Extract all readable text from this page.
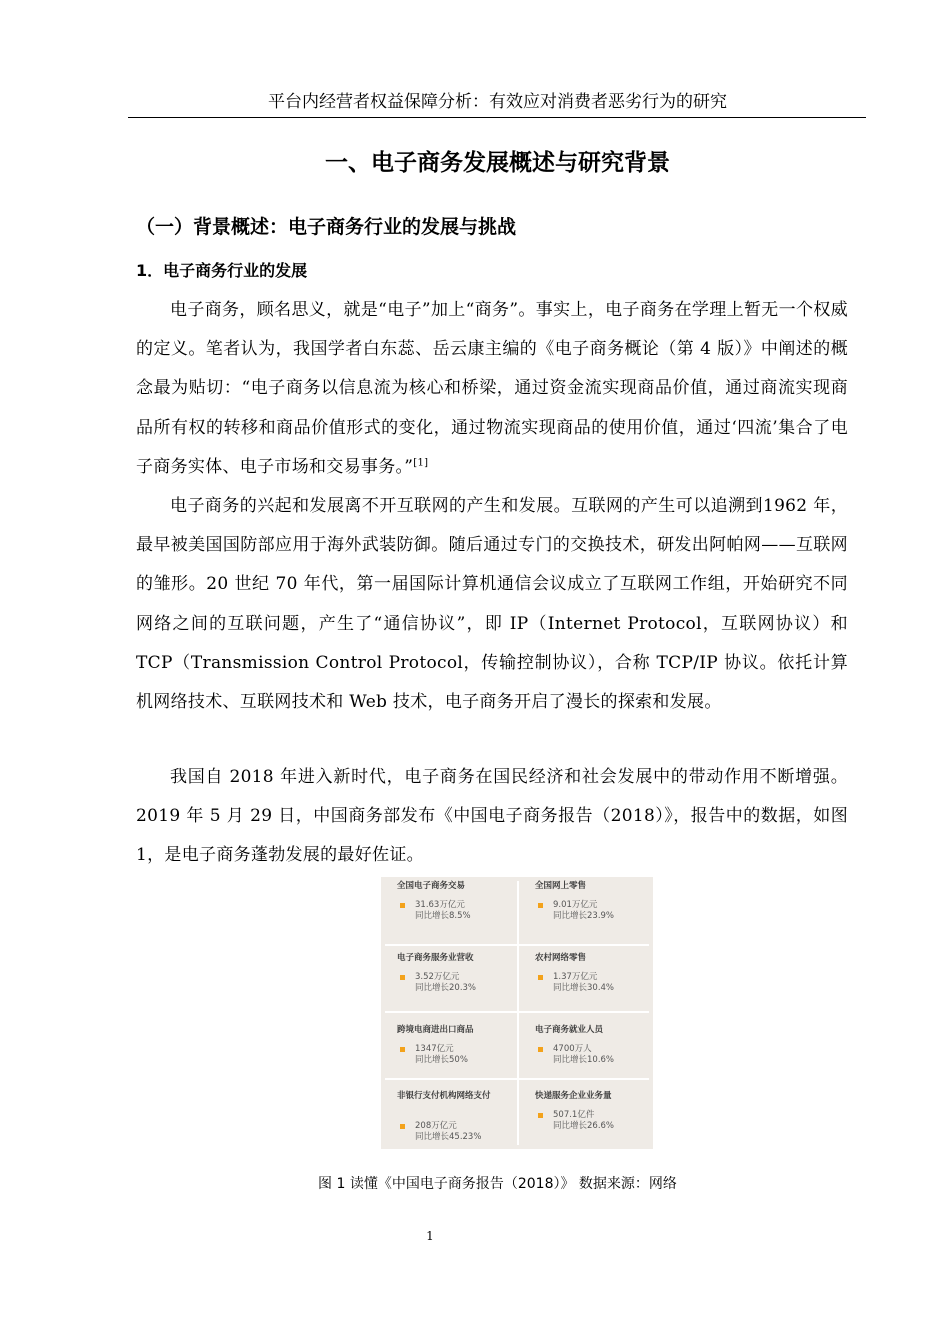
平台内经营者权益保障分析：有效应对消费者恶劣行为的研究
一、电子商务发展概述与研究背景
（一）背景概述：电子商务行业的发展与挑战
1．电子商务行业的发展

电子商务，顾名思义，就是“电子”加上“商务”。事实上，电子商务在学理上暂无一个权威的定义。笔者认为，我国学者白东蕊、岳云康主编的《电子商务概论（第 4 版）》中阐述的概念最为贴切：“电子商务以信息流为核心和桥梁，通过资金流实现商品价值，通过商流实现商品所有权的转移和商品价值形式的变化，通过物流实现商品的使用价值，通过‘四流’集合了电子商务实体、电子市场和交易事务。”[1]

电子商务的兴起和发展离不开互联网的产生和发展。互联网的产生可以追溯到1962 年，最早被美国国防部应用于海外武装防御。随后通过专门的交换技术，研发出阿帕网——互联网的雏形。20 世纪 70 年代，第一届国际计算机通信会议成立了互联网工作组，开始研究不同网络之间的互联问题，产生了“通信协议”，即 IP（Internet Protocol，互联网协议）和 TCP（Transmission Control Protocol，传输控制协议），合称 TCP/IP 协议。依托计算机网络技术、互联网技术和 Web 技术，电子商务开启了漫长的探索和发展。

我国自 2018 年进入新时代，电子商务在国民经济和社会发展中的带动作用不断增强。2019 年 5 月 29 日，中国商务部发布《中国电子商务报告（2018）》，报告中的数据，如图 1，是电子商务蓬勃发展的最好佐证。

全国电子商务交易
31.63万亿元
同比增长8.5%
全国网上零售
9.01万亿元
同比增长23.9%
电子商务服务业营收
3.52万亿元
同比增长20.3%
农村网络零售
1.37万亿元
同比增长30.4%
跨境电商进出口商品
1347亿元
同比增长50%
电子商务就业人员
4700万人
同比增长10.6%
非银行支付机构网络支付
208万亿元
同比增长45.23%
快递服务企业业务量
507.1亿件
同比增长26.6%
图 1 读懂《中国电子商务报告（2018）》 数据来源：网络
1
